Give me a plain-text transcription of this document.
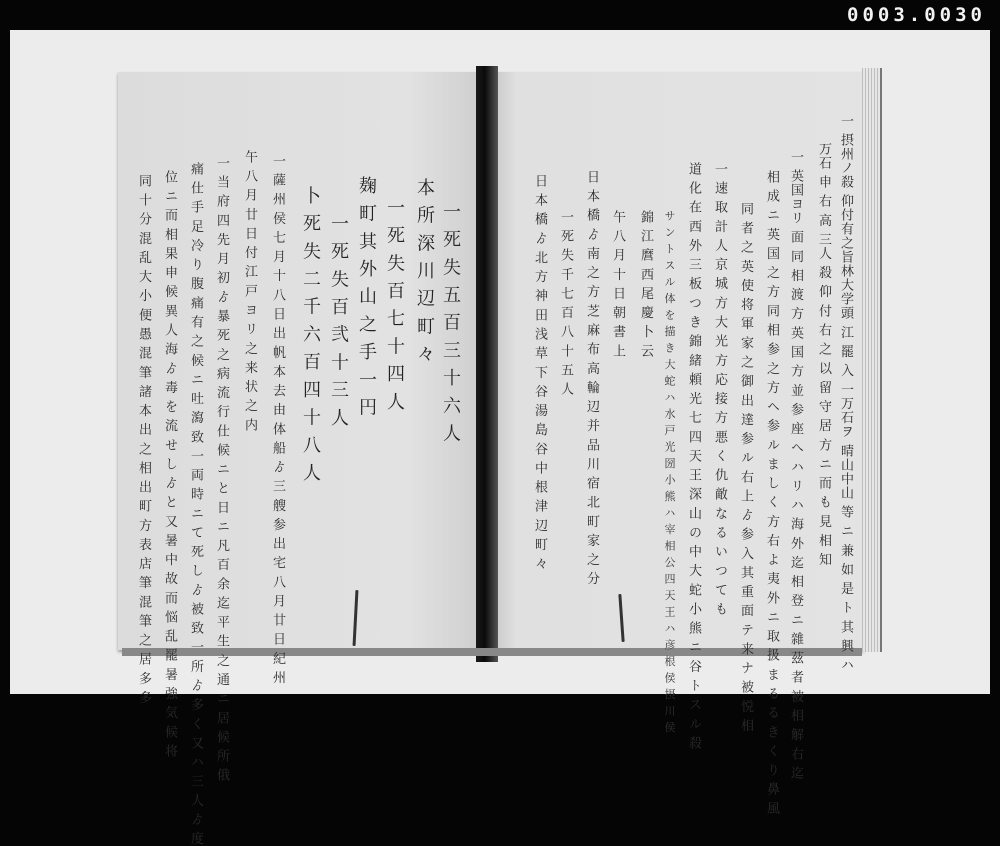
0003.0030
一 摂州ノ殺 仰付有之旨林大学頭 江 罷 入 一万石ヲ 晴山中山 等 ニ 兼 如 是 ト 其 興 ハ
万石 申 右 高 三人 殺 仰 付 右 之 以 留 守 居 方 ニ 而 も 見 相 知
一 英国ヨリ 面 同 相 渡 方 英 国 方 並 参 座 へ ハ リ ハ 海 外 迄 相 登 ニ 雜 茲 者 被 相 解 右 迄
相 成 ニ 英 国 之 方 同 相 参 之 方 ヘ 参 ル ま し く 方 右 よ 夷 外 ニ 取 扱 ま る る き く り 鼻 風
同 者 之 英 使 将 軍 家 之 御 出 達 参 ル 右 上 ゟ 参 入 其 重 面 テ 来 ナ 被 悦 相
一 速 取 計 人 京 城 方 大 光 方 応 接 方 悪 く 仇 敵 な る い つ て も
道 化 在 西 外 三 板 つ き 錦 緒 頼 光 七 四 天 王 深 山 の 中 大 蛇 小 熊 ニ 谷 ト ス ル 殺
サ ン ト ス ル 体 を 描 き 大 蛇 ハ 水 戸 光 圀 小 熊 ハ 宰 相 公 四 天 王 ハ 彦 根 侯 摂 川 侯
錦 江 麿 西 尾 慶 卜 云
午 八 月 十 日 朝 書 上
日 本 橋 ゟ 南 之 方 芝 麻 布 高 輪 辺 并 品 川 宿 北 町 家 之 分
一 死 失 千 七 百 八 十 五 人
日 本 橋 ゟ 北 方 神 田 浅 草 下 谷 湯 島 谷 中 根 津 辺 町 々
一 死 失 五 百 三 十 六 人
本 所 深 川 辺 町 々
一 死 失 百 七 十 四 人
麹 町 其 外 山 之 手 一 円
一 死 失 百 弐 十 三 人
卜 死 失 二 千 六 百 四 十 八 人
一 薩 州 侯 七 月 十 八 日 出 帆 本 去 由 体 船 ゟ 三 艘 参 出 宅 八 月 廿 日 紀 州
午 八 月 廿 日 付 江 戸 ヨ リ 之 来 状 之 内
一 当 府 四 先 月 初 ゟ 暴 死 之 病 流 行 仕 候 ニ と 日 ニ 凡 百 余 迄 平 生 之 通 ニ 居 候 所 俄
痛 仕 手 足 冷 り 腹 痛 有 之 候 ニ 吐 瀉 致 一 両 時 ニ て 死 し ゟ 被 致 一 所 ゟ 多 く 又 ハ 三 人 ゟ 度
位 ニ 而 相 果 申 候 異 人 海 ゟ 毒 を 流 せ し ゟ と 又 暑 中 故 而 悩 乱 罷 暑 強 気 候 将
同 十 分 混 乱 大 小 便 愚 混 筆 諸 本 出 之 相 出 町 方 表 店 筆 混 筆 之 居 多 多
